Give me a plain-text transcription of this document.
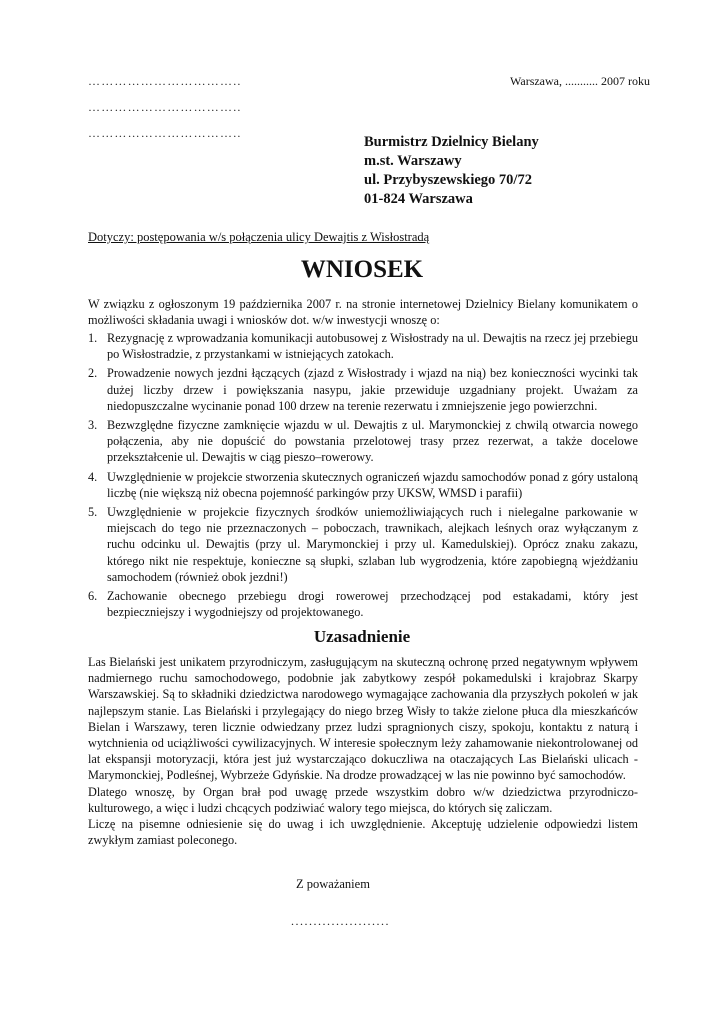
……………………………..
……………………………..
……………………………..
Warszawa, ........... 2007 roku
Burmistrz Dzielnicy Bielany
m.st. Warszawy
ul. Przybyszewskiego 70/72
01-824 Warszawa
Dotyczy: postępowania w/s połączenia ulicy Dewajtis z Wisłostradą
WNIOSEK
W związku z ogłoszonym 19 października 2007 r. na stronie internetowej Dzielnicy Bielany komunikatem o możliwości składania uwagi i wniosków dot. w/w inwestycji wnoszę o:
1. Rezygnację z wprowadzania komunikacji autobusowej z Wisłostrady na ul. Dewajtis na rzecz jej przebiegu po Wisłostradzie, z przystankami w istniejących zatokach.
2. Prowadzenie nowych jezdni łączących (zjazd z Wisłostrady i wjazd na nią) bez konieczności wycinki tak dużej liczby drzew i powiększania nasypu, jakie przewiduje uzgadniany projekt. Uważam za niedopuszczalne wycinanie ponad 100 drzew na terenie rezerwatu i zmniejszenie jego powierzchni.
3. Bezwzględne fizyczne zamknięcie wjazdu w ul. Dewajtis z ul. Marymonckiej z chwilą otwarcia nowego połączenia, aby nie dopuścić do powstania przelotowej trasy przez rezerwat, a także docelowe przekształcenie ul. Dewajtis w ciąg pieszo–rowerowy.
4. Uwzględnienie w projekcie stworzenia skutecznych ograniczeń wjazdu samochodów ponad z góry ustaloną liczbę (nie większą niż obecna pojemność parkingów przy UKSW, WMSD i parafii)
5. Uwzględnienie w projekcie fizycznych środków uniemożliwiających ruch i nielegalne parkowanie w miejscach do tego nie przeznaczonych – poboczach, trawnikach, alejkach leśnych oraz wyłączanym z ruchu odcinku ul. Dewajtis (przy ul. Marymonckiej i przy ul. Kamedulskiej). Oprócz znaku zakazu, którego nikt nie respektuje, konieczne są słupki, szlaban lub wygrodzenia, które zapobiegną wjeżdżaniu samochodem (również obok jezdni!)
6. Zachowanie obecnego przebiegu drogi rowerowej przechodzącej pod estakadami, który jest bezpieczniejszy i wygodniejszy od projektowanego.
Uzasadnienie
Las Bielański jest unikatem przyrodniczym, zasługującym na skuteczną ochronę przed negatywnym wpływem nadmiernego ruchu samochodowego, podobnie jak zabytkowy zespół pokamedulski i krajobraz Skarpy Warszawskiej. Są to składniki dziedzictwa narodowego wymagające zachowania dla przyszłych pokoleń w jak najlepszym stanie. Las Bielański i przylegający do niego brzeg Wisły to także zielone płuca dla mieszkańców Bielan i Warszawy, teren licznie odwiedzany przez ludzi spragnionych ciszy, spokoju, kontaktu z naturą i wytchnienia od uciążliwości cywilizacyjnych. W interesie społecznym leży zahamowanie niekontrolowanej od lat ekspansji motoryzacji, która jest już wystarczająco dokuczliwa na otaczających Las Bielański ulicach - Marymonckiej, Podleśnej, Wybrzeże Gdyńskie. Na drodze prowadzącej w las nie powinno być samochodów.
Dlatego wnoszę, by Organ brał pod uwagę przede wszystkim dobro w/w dziedzictwa przyrodniczo-kulturowego, a więc i ludzi chcących podziwiać walory tego miejsca, do których się zaliczam.
Liczę na pisemne odniesienie się do uwag i ich uwzględnienie. Akceptuję udzielenie odpowiedzi listem zwykłym zamiast poleconego.
Z poważaniem
......................
